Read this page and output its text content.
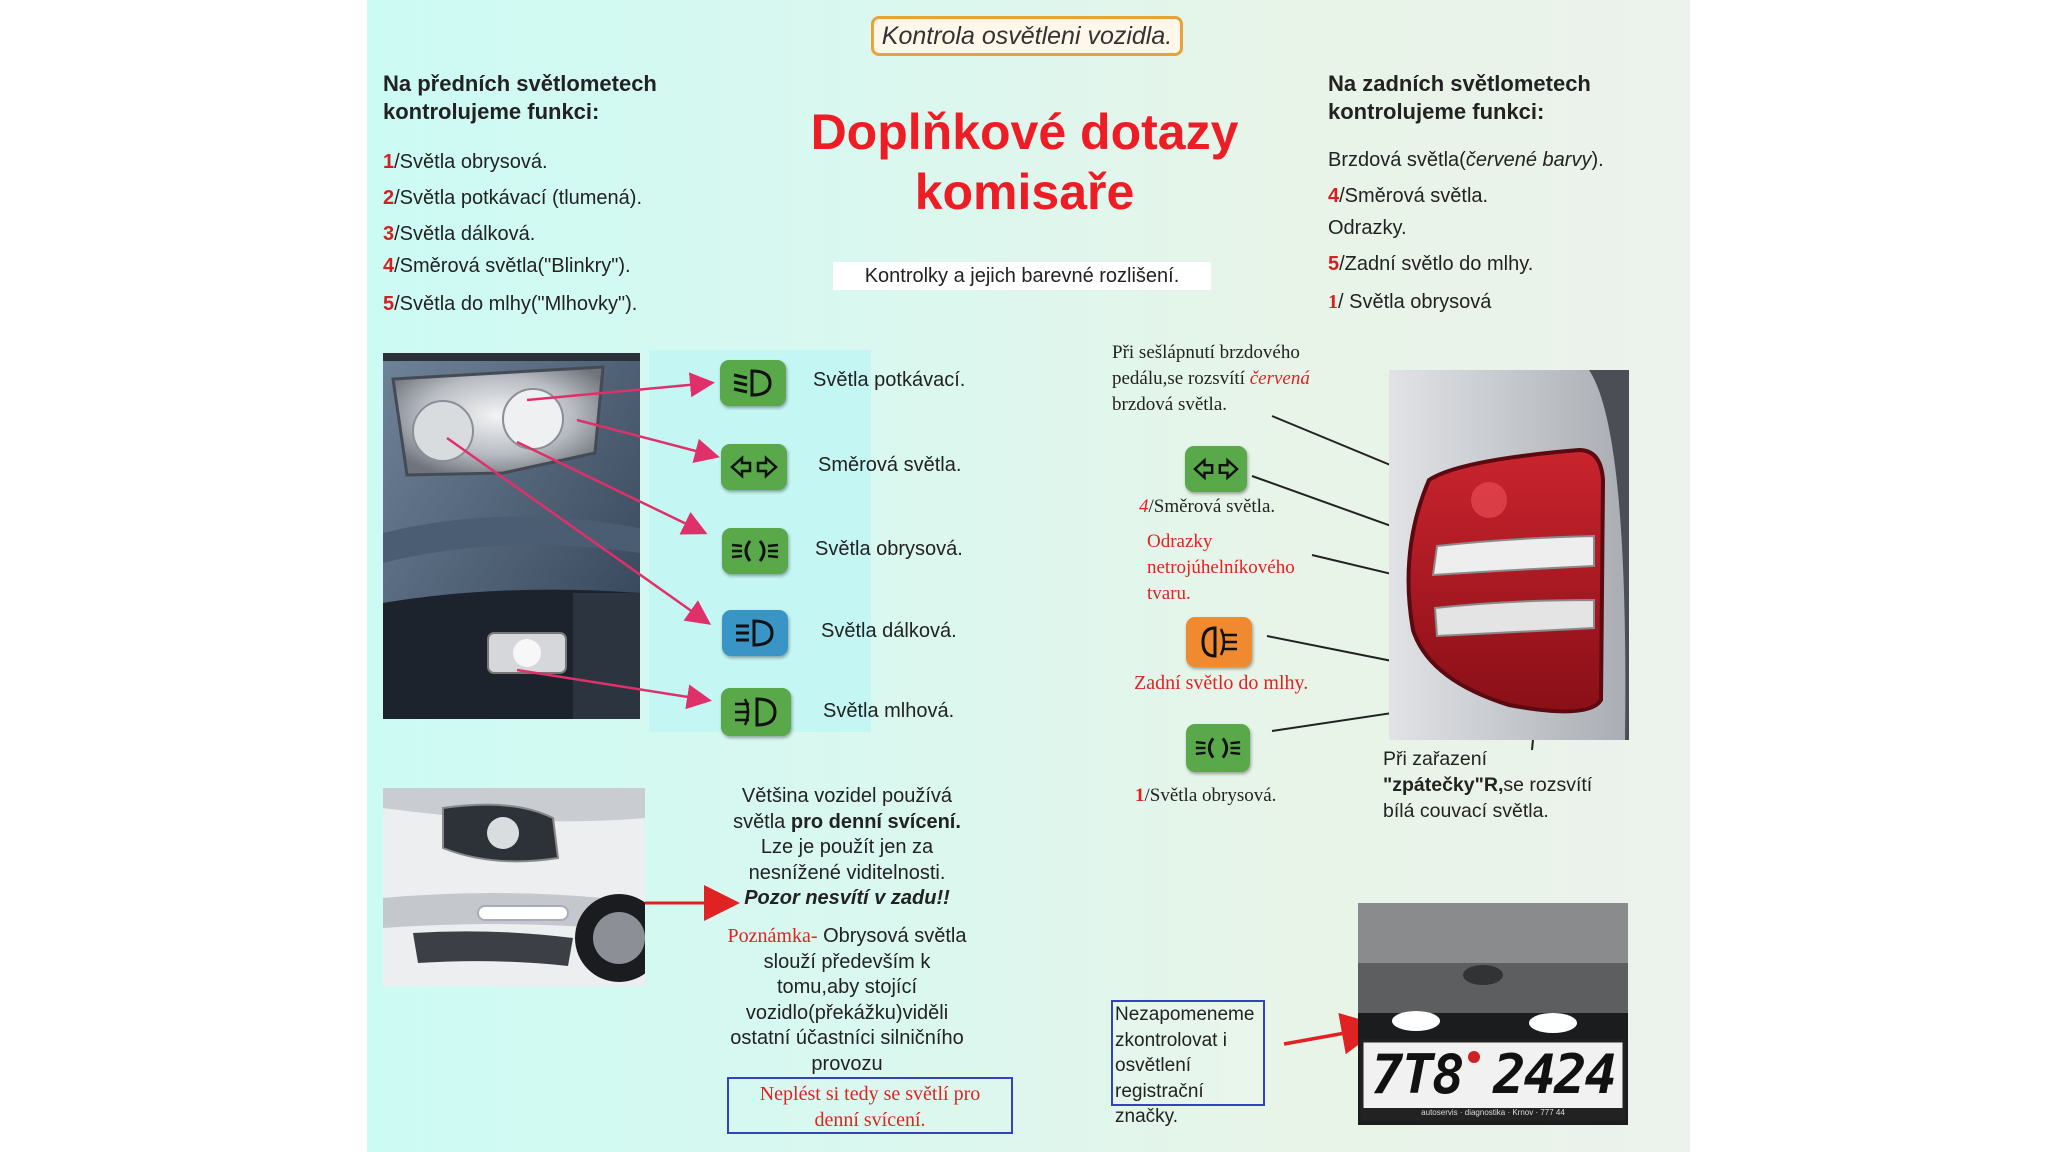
Kontrola osvětleni vozidla.
Doplňkové dotazy
komisaře
Kontrolky a jejich barevné rozlišení.
Na předních světlometech
kontrolujeme funkci:
1/Světla obrysová.
2/Světla potkávací (tlumená).
3/Světla dálková.
4/Směrová světla("Blinkry").
5/Světla do mlhy("Mlhovky").
Na zadních světlometech
kontrolujeme funkci:
Brzdová světla(červené barvy).
4/Směrová světla.
Odrazky.
5/Zadní světlo do mlhy.
1/ Světla obrysová
Světla potkávací.
Směrová světla.
Světla obrysová.
Světla dálková.
Světla mlhová.
Při sešlápnutí brzdového
pedálu,se rozsvítí červená
brzdová světla.
4/Směrová světla.
Odrazky
netrojúhelníkového
tvaru.
Zadní světlo do mlhy.
1/Světla obrysová.
Při zařazení
"zpátečky"R,se rozsvítí
bílá couvací světla.
Většina vozidel používá
světla pro denní svícení.
Lze je použít jen za
nesnížené viditelnosti.
Pozor nesvítí v zadu!!
Poznámka- Obrysová světla
slouží především k
tomu,aby stojící
vozidlo(překážku)viděli
ostatní účastníci silničního
provozu
Neplést si tedy se světlí pro
denní svícení.
Nezapomeneme
zkontrolovat i
osvětlení
registrační značky.
7T8 2424
autoservis · diagnostika · Krnov · 777 44
